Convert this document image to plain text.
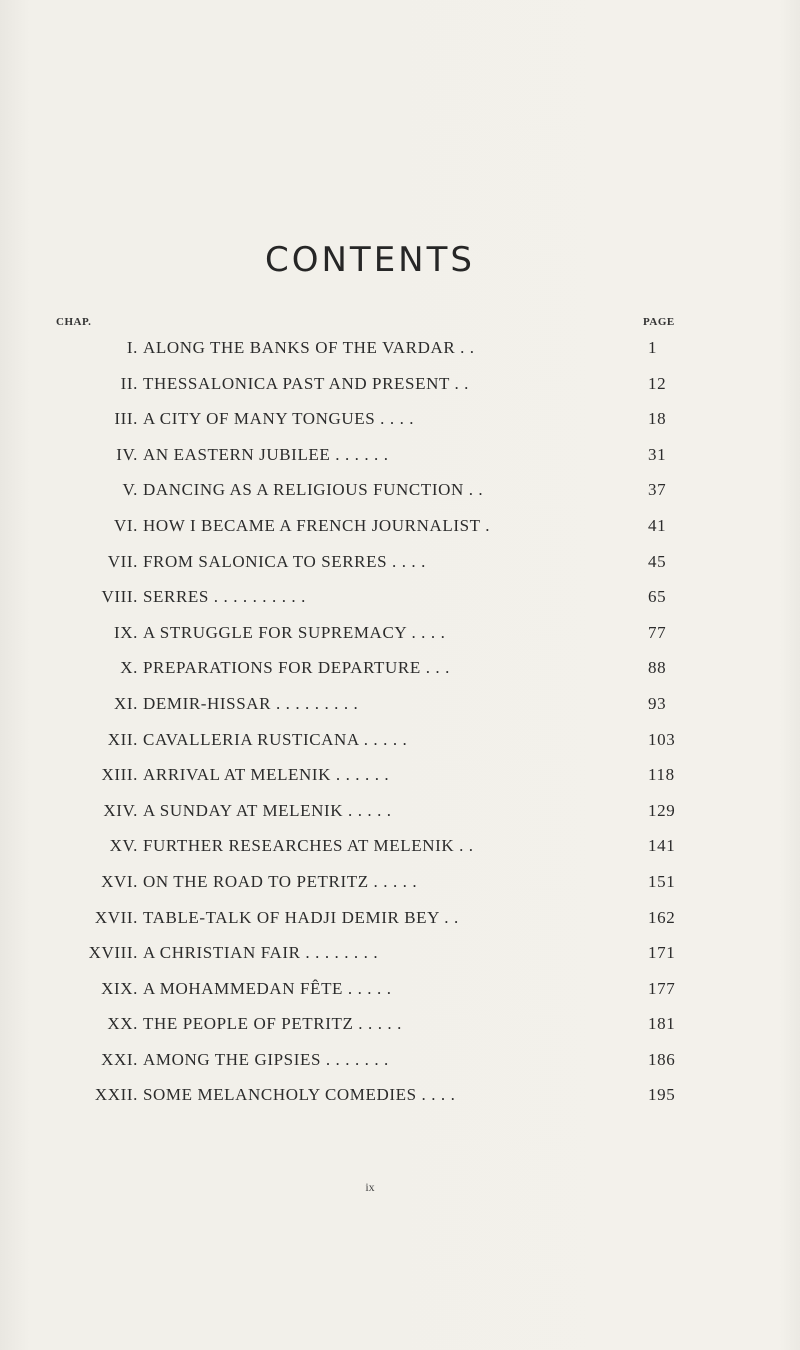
CONTENTS
CHAP.	PAGE
I. ALONG THE BANKS OF THE VARDAR . .	1
II. THESSALONICA PAST AND PRESENT . .	12
III. A CITY OF MANY TONGUES . . . .	18
IV. AN EASTERN JUBILEE . . . . . .	31
V. DANCING AS A RELIGIOUS FUNCTION . .	37
VI. HOW I BECAME A FRENCH JOURNALIST .	41
VII. FROM SALONICA TO SERRES . . . .	45
VIII. SERRES . . . . . . . . . .	65
IX. A STRUGGLE FOR SUPREMACY . . . .	77
X. PREPARATIONS FOR DEPARTURE . . .	88
XI. DEMIR-HISSAR . . . . . . . . .	93
XII. CAVALLERIA RUSTICANA . . . . .	103
XIII. ARRIVAL AT MELENIK . . . . . .	118
XIV. A SUNDAY AT MELENIK . . . . .	129
XV. FURTHER RESEARCHES AT MELENIK . .	141
XVI. ON THE ROAD TO PETRITZ . . . . .	151
XVII. TABLE-TALK OF HADJI DEMIR BEY . .	162
XVIII. A CHRISTIAN FAIR . . . . . . . .	171
XIX. A MOHAMMEDAN FÊTE . . . . .	177
XX. THE PEOPLE OF PETRITZ . . . . .	181
XXI. AMONG THE GIPSIES . . . . . . .	186
XXII. SOME MELANCHOLY COMEDIES . . . .	195
ix
